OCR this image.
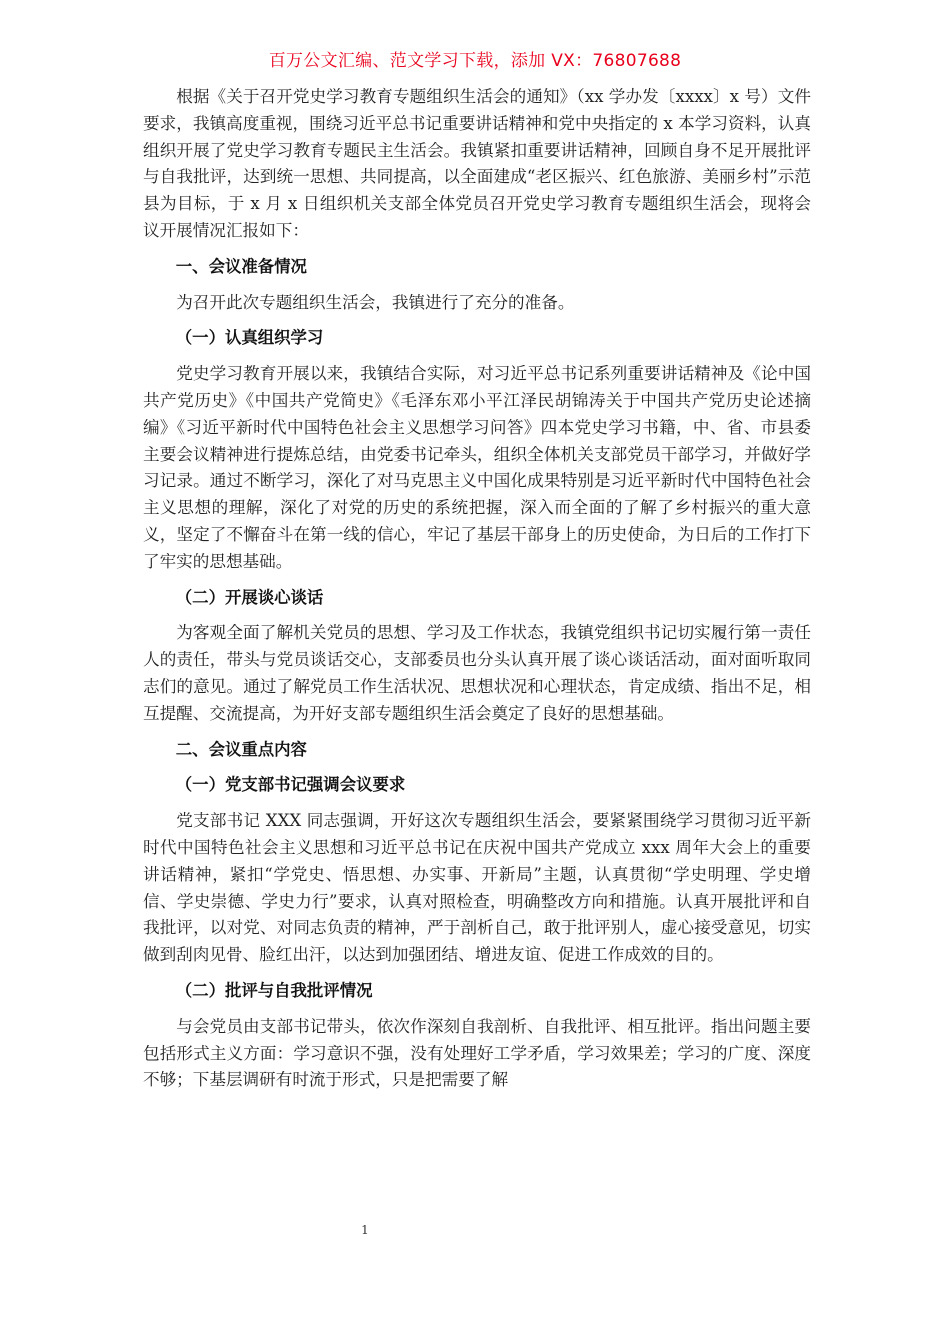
百万公文汇编、范文学习下载，添加 VX：76807688

根据《关于召开党史学习教育专题组织生活会的通知》（xx 学办发〔xxxx〕x 号）文件要求，我镇高度重视，围绕习近平总书记重要讲话精神和党中央指定的 x 本学习资料，认真组织开展了党史学习教育专题民主生活会。我镇紧扣重要讲话精神，回顾自身不足开展批评与自我批评，达到统一思想、共同提高，以全面建成“老区振兴、红色旅游、美丽乡村”示范县为目标，于 x 月 x 日组织机关支部全体党员召开党史学习教育专题组织生活会，现将会议开展情况汇报如下：

一、会议准备情况

为召开此次专题组织生活会，我镇进行了充分的准备。

（一）认真组织学习

党史学习教育开展以来，我镇结合实际，对习近平总书记系列重要讲话精神及《论中国共产党历史》《中国共产党简史》《毛泽东邓小平江泽民胡锦涛关于中国共产党历史论述摘编》《习近平新时代中国特色社会主义思想学习问答》四本党史学习书籍，中、省、市县委主要会议精神进行提炼总结，由党委书记牵头，组织全体机关支部党员干部学习，并做好学习记录。通过不断学习，深化了对马克思主义中国化成果特别是习近平新时代中国特色社会主义思想的理解，深化了对党的历史的系统把握，深入而全面的了解了乡村振兴的重大意义，坚定了不懈奋斗在第一线的信心，牢记了基层干部身上的历史使命，为日后的工作打下了牢实的思想基础。

（二）开展谈心谈话

为客观全面了解机关党员的思想、学习及工作状态，我镇党组织书记切实履行第一责任人的责任，带头与党员谈话交心，支部委员也分头认真开展了谈心谈话活动，面对面听取同志们的意见。通过了解党员工作生活状况、思想状况和心理状态，肯定成绩、指出不足，相互提醒、交流提高，为开好支部专题组织生活会奠定了良好的思想基础。

二、会议重点内容

（一）党支部书记强调会议要求

党支部书记 XXX 同志强调，开好这次专题组织生活会，要紧紧围绕学习贯彻习近平新时代中国特色社会主义思想和习近平总书记在庆祝中国共产党成立 xxx 周年大会上的重要讲话精神，紧扣“学党史、悟思想、办实事、开新局”主题，认真贯彻“学史明理、学史增信、学史崇德、学史力行”要求，认真对照检查，明确整改方向和措施。认真开展批评和自我批评，以对党、对同志负责的精神，严于剖析自己，敢于批评别人，虚心接受意见，切实做到刮肉见骨、脸红出汗，以达到加强团结、增进友谊、促进工作成效的目的。

（二）批评与自我批评情况

与会党员由支部书记带头，依次作深刻自我剖析、自我批评、相互批评。指出问题主要包括形式主义方面：学习意识不强，没有处理好工学矛盾，学习效果差；学习的广度、深度不够；下基层调研有时流于形式，只是把需要了解

1
